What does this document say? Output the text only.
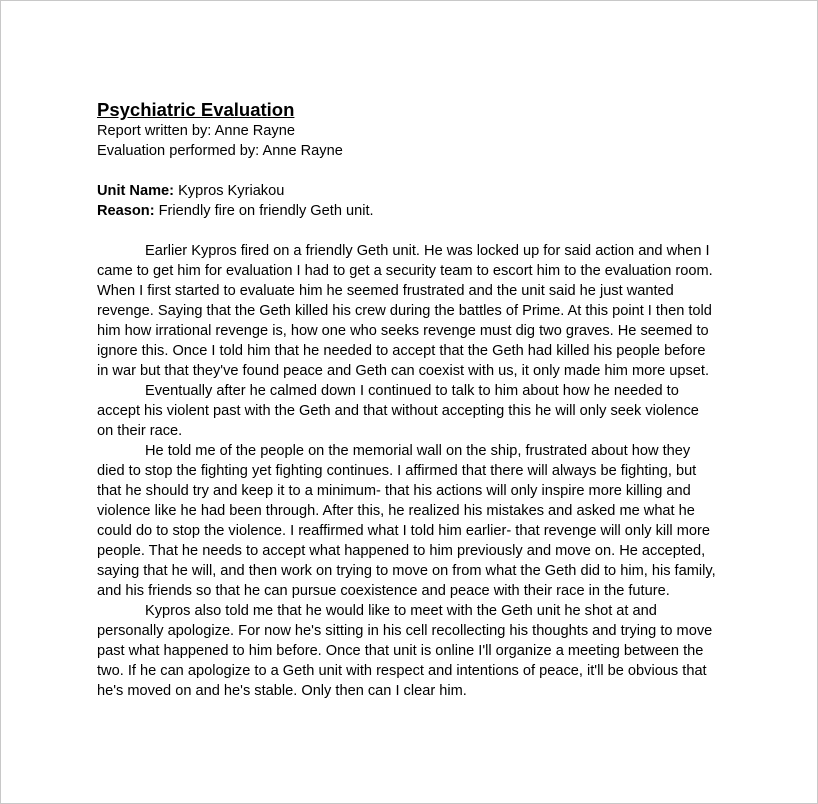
Psychiatric Evaluation

Report written by: Anne Rayne

Evaluation performed by: Anne Rayne

Unit Name: Kypros Kyriakou

Reason: Friendly fire on friendly Geth unit.

Earlier Kypros fired on a friendly Geth unit. He was locked up for said action and when I
came to get him for evaluation I had to get a security team to escort him to the evaluation room.
When I first started to evaluate him he seemed frustrated and the unit said he just wanted
revenge. Saying that the Geth killed his crew during the battles of Prime. At this point I then told
him how irrational revenge is, how one who seeks revenge must dig two graves. He seemed to
ignore this. Once I told him that he needed to accept that the Geth had killed his people before
in war but that they've found peace and Geth can coexist with us, it only made him more upset.
Eventually after he calmed down I continued to talk to him about how he needed to
accept his violent past with the Geth and that without accepting this he will only seek violence
on their race.
He told me of the people on the memorial wall on the ship, frustrated about how they
died to stop the fighting yet fighting continues. I affirmed that there will always be fighting, but
that he should try and keep it to a minimum- that his actions will only inspire more killing and
violence like he had been through. After this, he realized his mistakes and asked me what he
could do to stop the violence. I reaffirmed what I told him earlier- that revenge will only kill more
people. That he needs to accept what happened to him previously and move on. He accepted,
saying that he will, and then work on trying to move on from what the Geth did to him, his family,
and his friends so that he can pursue coexistence and peace with their race in the future.
Kypros also told me that he would like to meet with the Geth unit he shot at and
personally apologize. For now he's sitting in his cell recollecting his thoughts and trying to move
past what happened to him before. Once that unit is online I'll organize a meeting between the
two. If he can apologize to a Geth unit with respect and intentions of peace, it'll be obvious that
he's moved on and he's stable. Only then can I clear him.
